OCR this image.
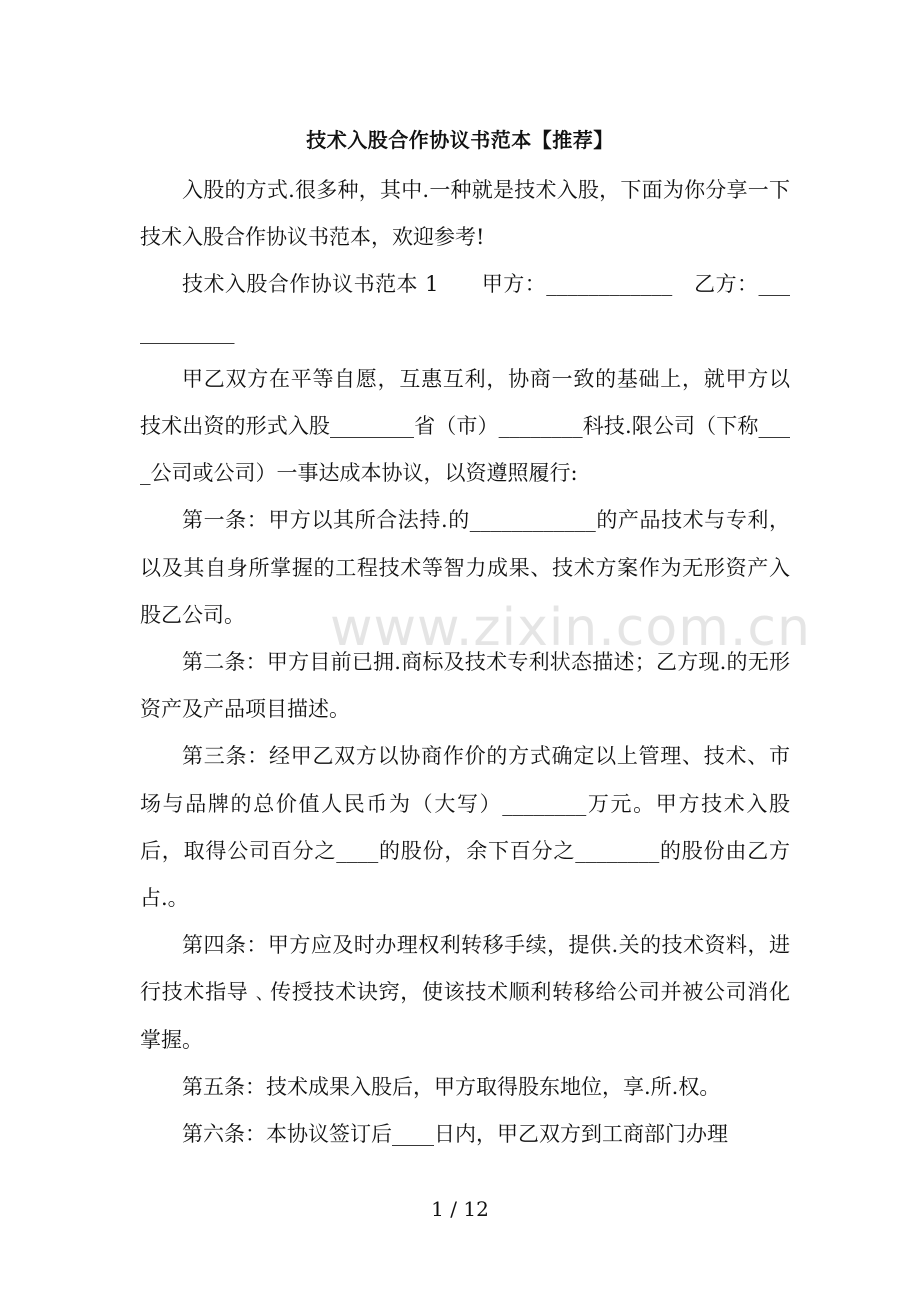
技术入股合作协议书范本【推荐】

入股的方式.很多种，其中.一种就是技术入股，下面为你分享一下技术入股合作协议书范本，欢迎参考!

技术入股合作协议书范本 1　　甲方：____________　乙方：____________

甲乙双方在平等自愿，互惠互利，协商一致的基础上，就甲方以技术出资的形式入股________省（市）________科技.限公司（下称____公司或公司）一事达成本协议，以资遵照履行:

第一条：甲方以其所合法持.的____________的产品技术与专利，以及其自身所掌握的工程技术等智力成果、技术方案作为无形资产入股乙公司。

第二条：甲方目前已拥.商标及技术专利状态描述；乙方现.的无形资产及产品项目描述。

第三条：经甲乙双方以协商作价的方式确定以上管理、技术、市场与品牌的总价值人民币为（大写）________万元。甲方技术入股后，取得公司百分之____的股份，余下百分之________的股份由乙方占.。

第四条：甲方应及时办理权利转移手续，提供.关的技术资料，进行技术指导﹑传授技术诀窍，使该技术顺利转移给公司并被公司消化掌握。

第五条：技术成果入股后，甲方取得股东地位，享.所.权。

第六条：本协议签订后____日内，甲乙双方到工商部门办理

www.zixin.com.cn
1 / 12
